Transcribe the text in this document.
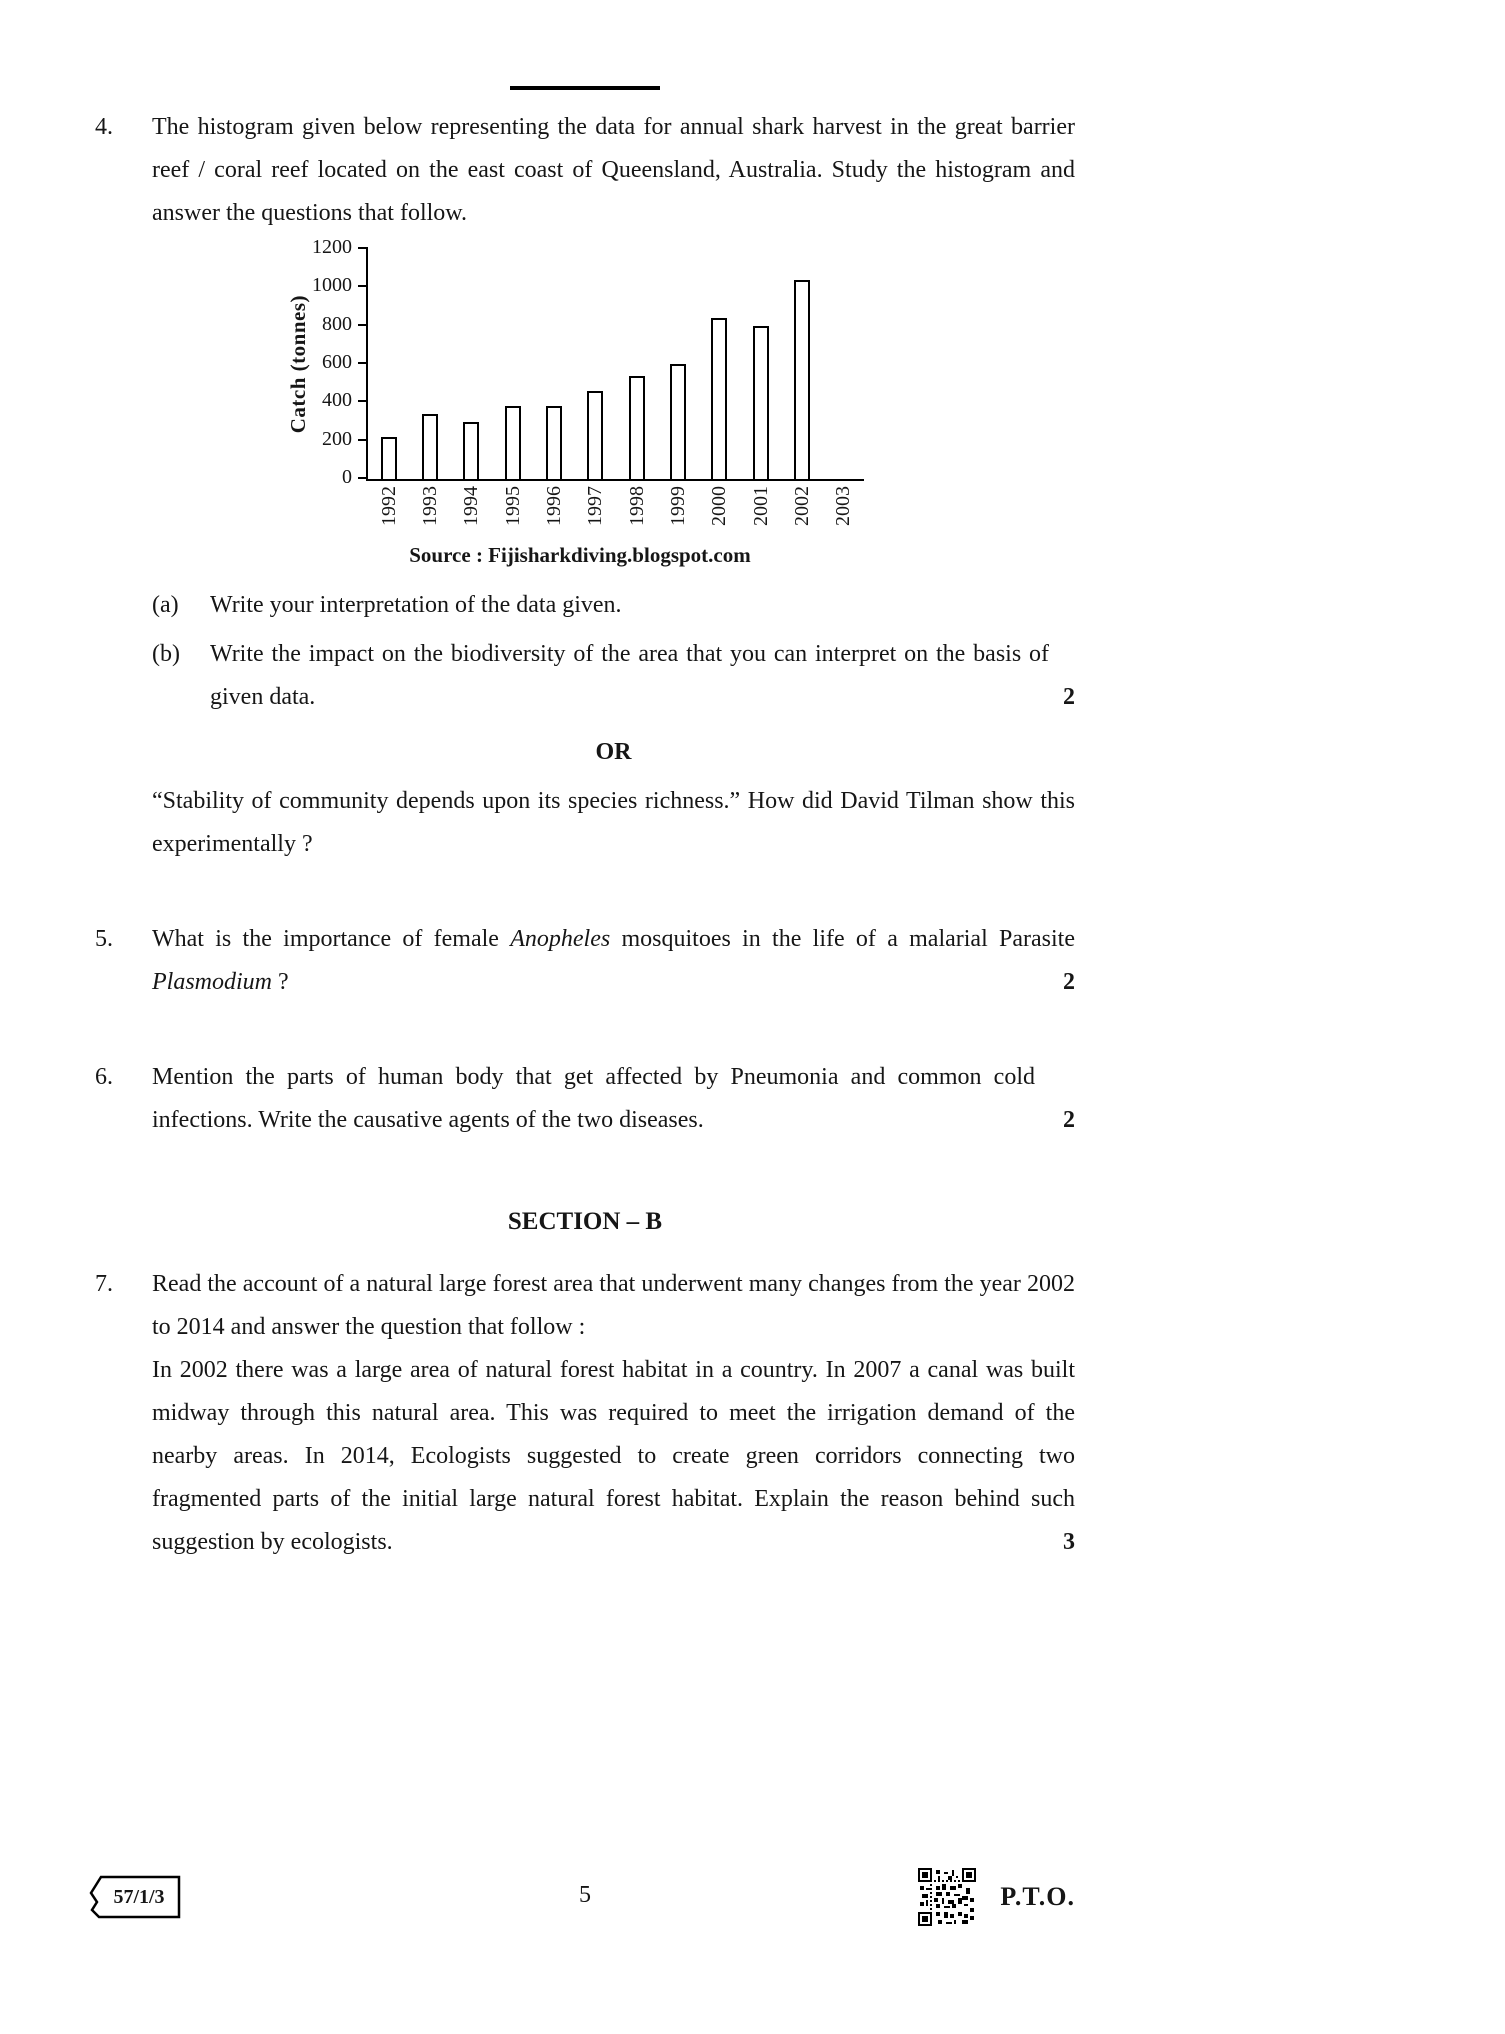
4.	The histogram given below representing the data for annual shark harvest in the great barrier reef / coral reef located on the east coast of Queensland, Australia. Study the histogram and answer the questions that follow.

Catch (tonnes)
0
200
400
600
800
1000
1200
1992 1993 1994 1995 1996 1997 1998 1999 2000 2001 2002 2003

Source : Fijisharkdiving.blogspot.com

(a)	Write your interpretation of the data given.
(b)	Write the impact on the biodiversity of the area that you can interpret on the basis of given data.	2

OR

“Stability of community depends upon its species richness.” How did David Tilman show this experimentally ?

5.	What is the importance of female Anopheles mosquitoes in the life of a malarial Parasite Plasmodium ?	2
6.	Mention the parts of human body that get affected by Pneumonia and common cold infections. Write the causative agents of the two diseases.	2

SECTION – B

7.	Read the account of a natural large forest area that underwent many changes from the year 2002 to 2014 and answer the question that follow :

In 2002 there was a large area of natural forest habitat in a country. In 2007 a canal was built midway through this natural area. This was required to meet the irrigation demand of the nearby areas. In 2014, Ecologists suggested to create green corridors connecting two fragmented parts of the initial large natural forest habitat. Explain the reason behind such suggestion by ecologists.	3
57/1/3	5	P.T.O.
